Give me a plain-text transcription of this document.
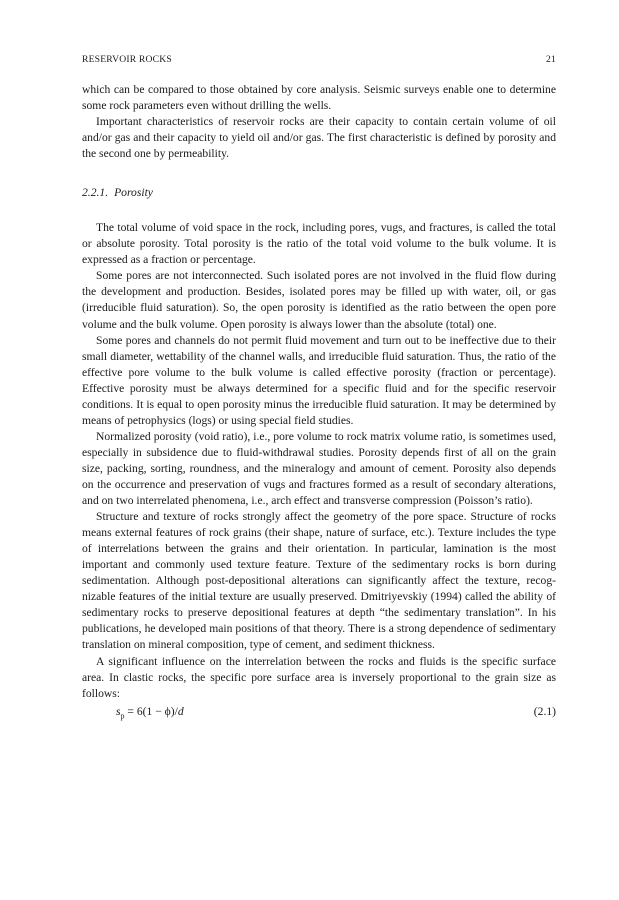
RESERVOIR ROCKS	21

which can be compared to those obtained by core analysis. Seismic surveys enable one to determine some rock parameters even without drilling the wells.

Important characteristics of reservoir rocks are their capacity to contain certain volume of oil and/or gas and their capacity to yield oil and/or gas. The first characteristic is defined by porosity and the second one by permeability.

2.2.1. Porosity

The total volume of void space in the rock, including pores, vugs, and fractures, is called the total or absolute porosity. Total porosity is the ratio of the total void volume to the bulk volume. It is expressed as a fraction or percentage.

Some pores are not interconnected. Such isolated pores are not involved in the fluid flow during the development and production. Besides, isolated pores may be filled up with water, oil, or gas (irreducible fluid saturation). So, the open porosity is identified as the ratio between the open pore volume and the bulk volume. Open porosity is always lower than the absolute (total) one.

Some pores and channels do not permit fluid movement and turn out to be ineffective due to their small diameter, wettability of the channel walls, and irreducible fluid saturation. Thus, the ratio of the effective pore volume to the bulk volume is called effective porosity (fraction or percentage). Effective porosity must be always determined for a specific fluid and for the specific reservoir conditions. It is equal to open porosity minus the irreducible fluid saturation. It may be determined by means of petrophysics (logs) or using special field studies.

Normalized porosity (void ratio), i.e., pore volume to rock matrix volume ratio, is sometimes used, especially in subsidence due to fluid-withdrawal studies. Porosity depends first of all on the grain size, packing, sorting, roundness, and the mineralogy and amount of cement. Porosity also depends on the occurrence and preservation of vugs and fractures formed as a result of secondary alterations, and on two interrelated phenomena, i.e., arch effect and transverse compression (Poisson’s ratio).

Structure and texture of rocks strongly affect the geometry of the pore space. Structure of rocks means external features of rock grains (their shape, nature of surface, etc.). Texture includes the type of interrelations between the grains and their orientation. In particular, lamination is the most important and commonly used texture feature. Texture of the sedimentary rocks is born during sedimentation. Although post-depositional alterations can significantly affect the texture, recognizable features of the initial texture are usually preserved. Dmitriyevskiy (1994) called the ability of sedimentary rocks to preserve depositional features at depth “the sedimentary translation”. In his publications, he developed main positions of that theory. There is a strong dependence of sedimentary translation on mineral composition, type of cement, and sediment thickness.

A significant influence on the interrelation between the rocks and fluids is the specific surface area. In clastic rocks, the specific pore surface area is inversely proportional to the grain size as follows:

$s_p = 6(1 - \phi)/d$	(2.1)
